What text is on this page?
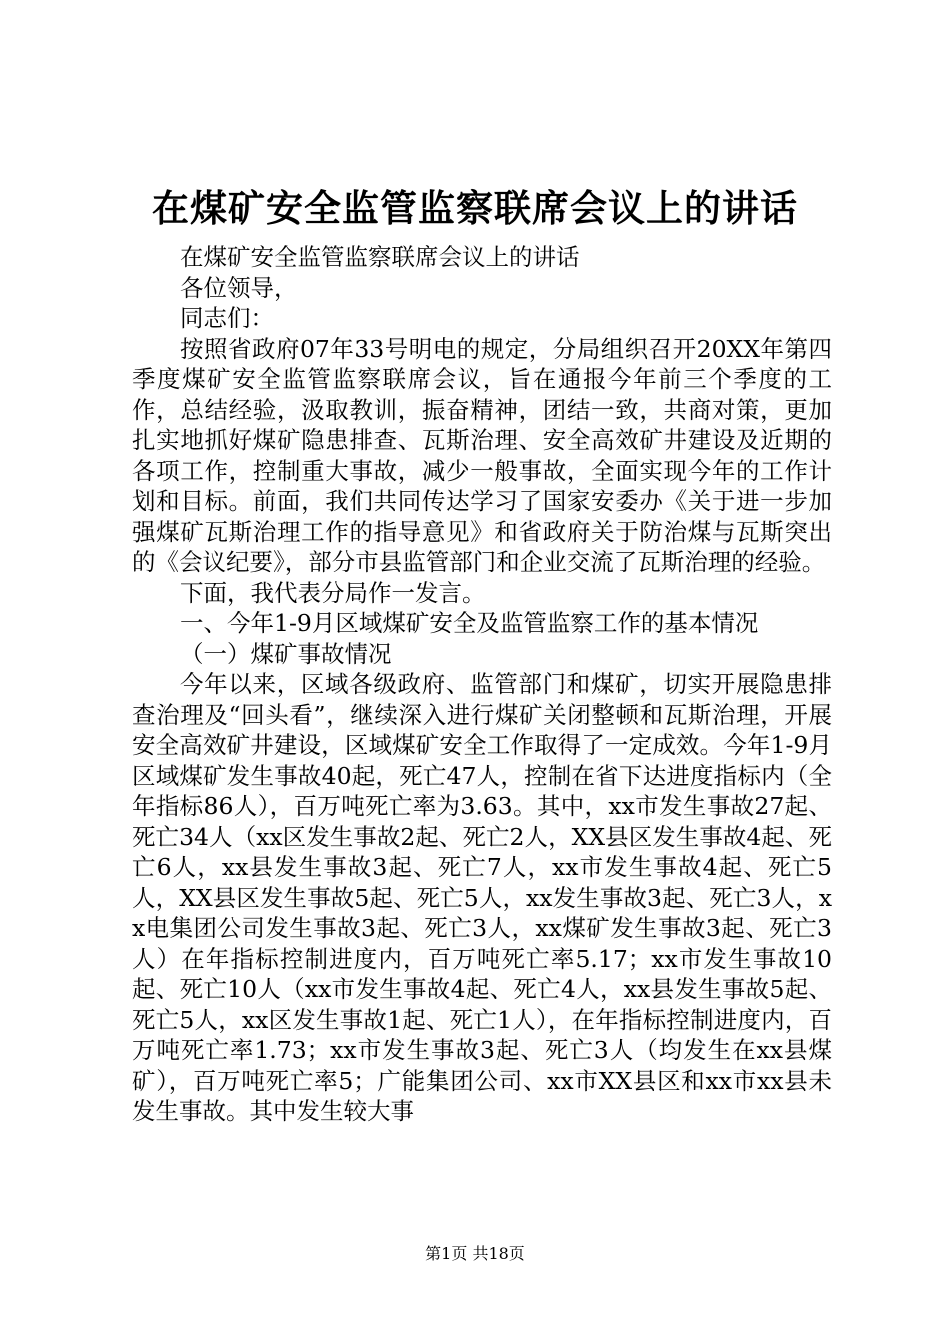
在煤矿安全监管监察联席会议上的讲话

在煤矿安全监管监察联席会议上的讲话

各位领导，

同志们：

按照省政府07年33号明电的规定，分局组织召开20XX年第四季度煤矿安全监管监察联席会议，旨在通报今年前三个季度的工作，总结经验，汲取教训，振奋精神，团结一致，共商对策，更加扎实地抓好煤矿隐患排查、瓦斯治理、安全高效矿井建设及近期的各项工作，控制重大事故，减少一般事故，全面实现今年的工作计划和目标。前面，我们共同传达学习了国家安委办《关于进一步加强煤矿瓦斯治理工作的指导意见》和省政府关于防治煤与瓦斯突出的《会议纪要》，部分市县监管部门和企业交流了瓦斯治理的经验。

下面，我代表分局作一发言。

一、今年1-9月区域煤矿安全及监管监察工作的基本情况

（一）煤矿事故情况

今年以来，区域各级政府、监管部门和煤矿，切实开展隐患排查治理及“回头看”，继续深入进行煤矿关闭整顿和瓦斯治理，开展安全高效矿井建设，区域煤矿安全工作取得了一定成效。今年1-9月区域煤矿发生事故40起，死亡47人，控制在省下达进度指标内（全年指标86人），百万吨死亡率为3.63。其中，xx市发生事故27起、死亡34人（xx区发生事故2起、死亡2人，XX县区发生事故4起、死亡6人，xx县发生事故3起、死亡7人，xx市发生事故4起、死亡5人，XX县区发生事故5起、死亡5人，xx发生事故3起、死亡3人，xx电集团公司发生事故3起、死亡3人，xx煤矿发生事故3起、死亡3人）在年指标控制进度内，百万吨死亡率5.17；xx市发生事故10起、死亡10人（xx市发生事故4起、死亡4人，xx县发生事故5起、死亡5人，xx区发生事故1起、死亡1人），在年指标控制进度内，百万吨死亡率1.73；xx市发生事故3起、死亡3人（均发生在xx县煤矿），百万吨死亡率5；广能集团公司、xx市XX县区和xx市xx县未发生事故。其中发生较大事

第1页 共18页
